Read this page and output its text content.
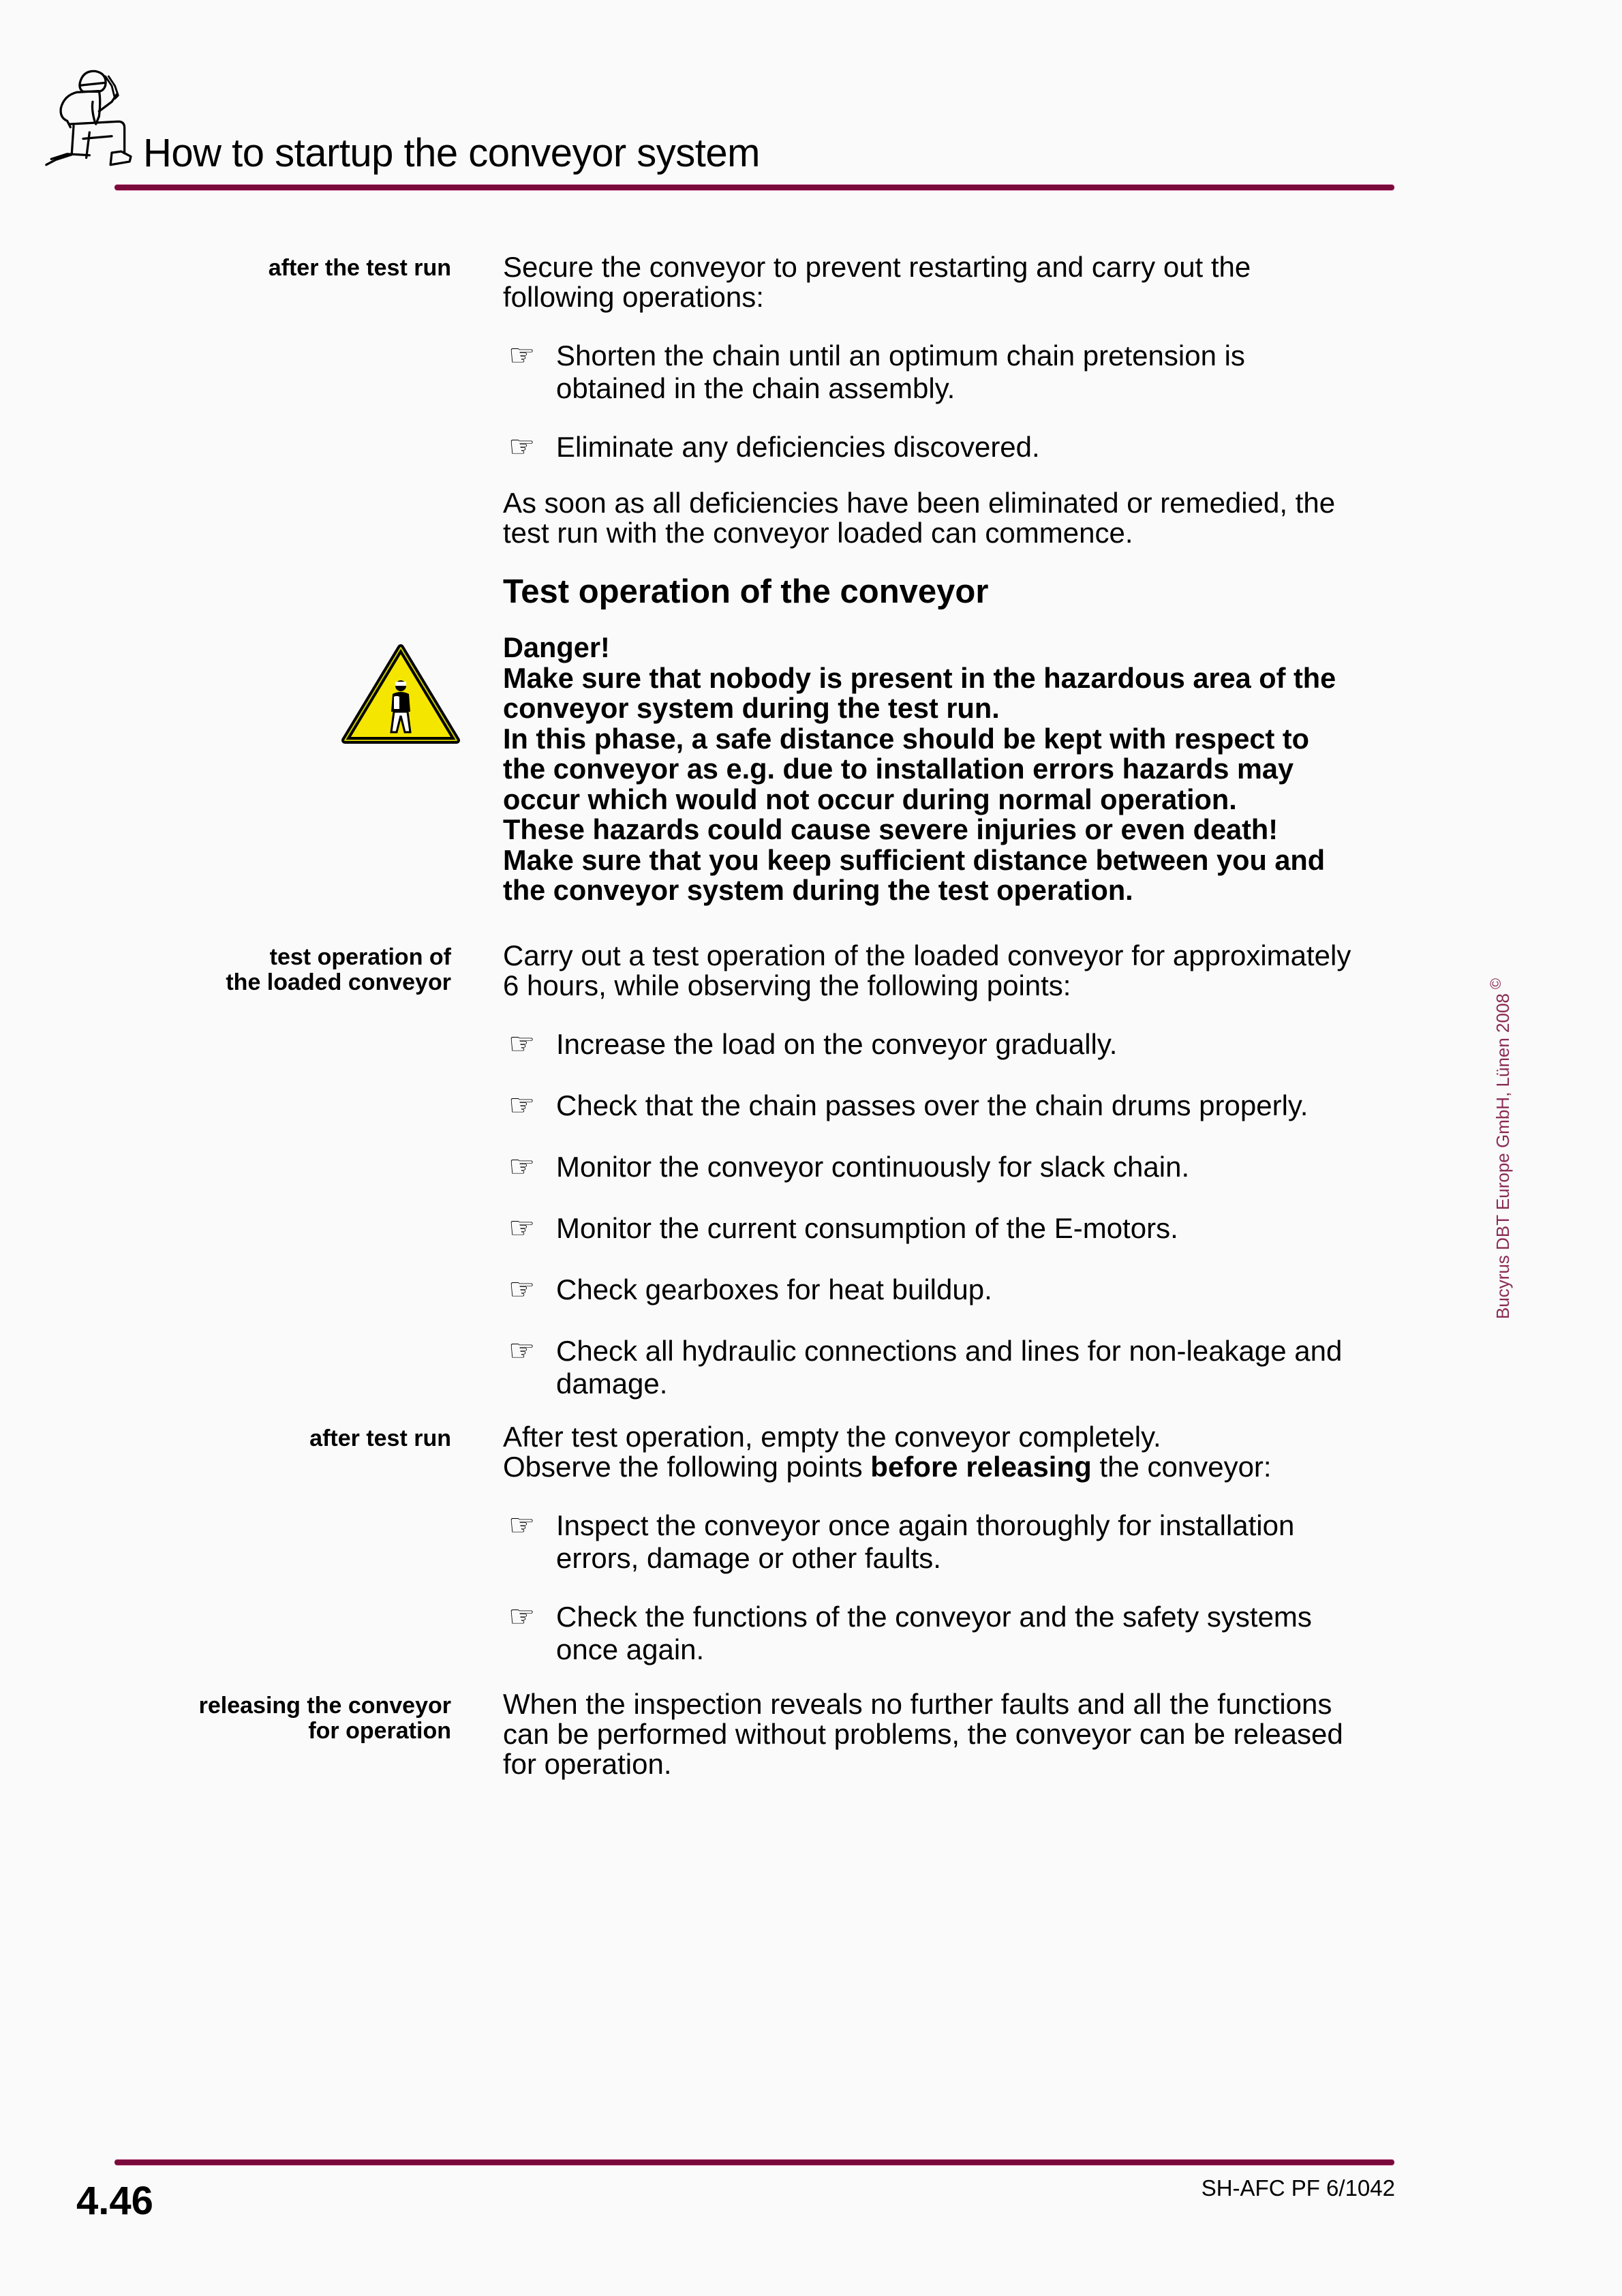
How to startup the conveyor system
after the test run Secure the conveyor to prevent restarting and carry out the
following operations:
☞ Shorten the chain until an optimum chain pretension is
obtained in the chain assembly.
☞ Eliminate any deficiencies discovered.
As soon as all deficiencies have been eliminated or remedied, the
test run with the conveyor loaded can commence.
Test operation of the conveyor
Danger!
Make sure that nobody is present in the hazardous area of the
conveyor system during the test run.
In this phase, a safe distance should be kept with respect to
the conveyor as e.g. due to installation errors hazards may
occur which would not occur during normal operation.
These hazards could cause severe injuries or even death!
Make sure that you keep sufficient distance between you and
the conveyor system during the test operation.
test operation of
the loaded conveyor
Carry out a test operation of the loaded conveyor for approximately
6 hours, while observing the following points:
☞ Increase the load on the conveyor gradually.
☞ Check that the chain passes over the chain drums properly.
☞ Monitor the conveyor continuously for slack chain.
☞ Monitor the current consumption of the E-motors.
☞ Check gearboxes for heat buildup.
☞ Check all hydraulic connections and lines for non-leakage and
damage.
after test run After test operation, empty the conveyor completely.
Observe the following points before releasing the conveyor:
☞ Inspect the conveyor once again thoroughly for installation
errors, damage or other faults.
☞ Check the functions of the conveyor and the safety systems
once again.
releasing the conveyor
for operation
When the inspection reveals no further faults and all the functions
can be performed without problems, the conveyor can be released
for operation.
Bucyrus DBT Europe GmbH, Lünen 2008©
4.46	SH-AFC PF 6/1042
